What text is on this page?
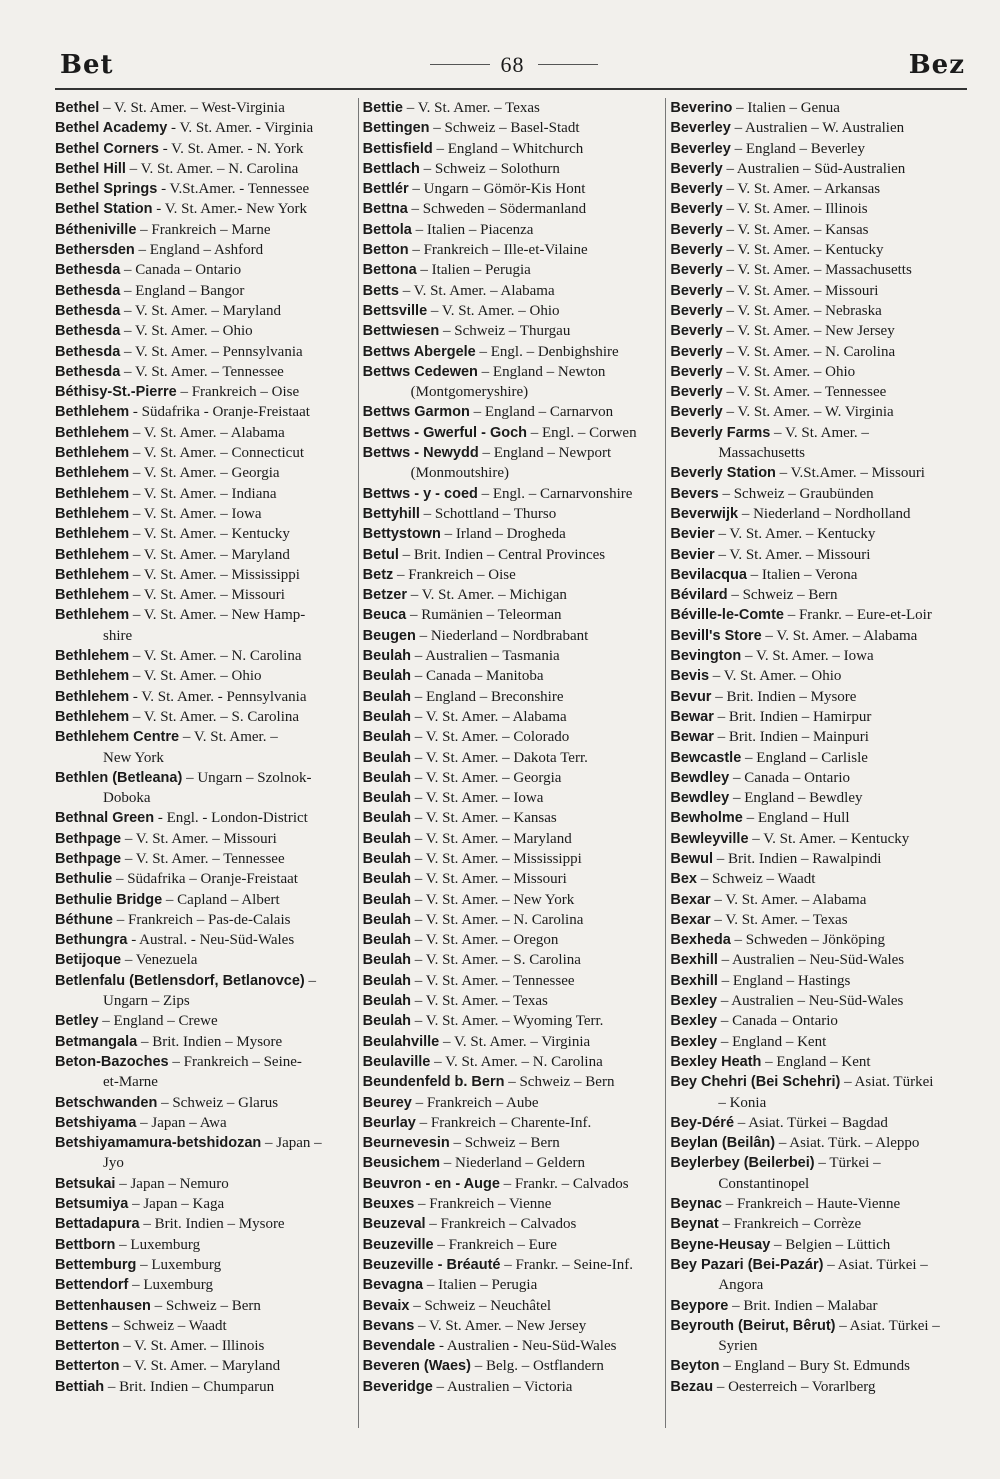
Bet	68	Bez
Bethel – V. St. Amer. – West-Virginia
Bethel Academy - V. St. Amer. - Virginia
Bethel Corners - V. St. Amer. - N. York
Bethel Hill – V. St. Amer. – N. Carolina
Bethel Springs - V.St.Amer. - Tennessee
Bethel Station - V. St. Amer.- New York
Bétheniville – Frankreich – Marne
Bethersden – England – Ashford
Bethesda – Canada – Ontario
Bethesda – England – Bangor
Bethesda – V. St. Amer. – Maryland
Bethesda – V. St. Amer. – Ohio
Bethesda – V. St. Amer. – Pennsylvania
Bethesda – V. St. Amer. – Tennessee
Béthisy-St.-Pierre – Frankreich – Oise
Bethlehem - Südafrika - Oranje-Freistaat
Bethlehem – V. St. Amer. – Alabama
Bethlehem – V. St. Amer. – Connecticut
Bethlehem – V. St. Amer. – Georgia
Bethlehem – V. St. Amer. – Indiana
Bethlehem – V. St. Amer. – Iowa
Bethlehem – V. St. Amer. – Kentucky
Bethlehem – V. St. Amer. – Maryland
Bethlehem – V. St. Amer. – Mississippi
Bethlehem – V. St. Amer. – Missouri
Bethlehem – V. St. Amer. – New Hamp-
shire
Bethlehem – V. St. Amer. – N. Carolina
Bethlehem – V. St. Amer. – Ohio
Bethlehem - V. St. Amer. - Pennsylvania
Bethlehem – V. St. Amer. – S. Carolina
Bethlehem Centre – V. St. Amer. –
New York
Bethlen (Betleana) – Ungarn – Szolnok-
Doboka
Bethnal Green - Engl. - London-District
Bethpage – V. St. Amer. – Missouri
Bethpage – V. St. Amer. – Tennessee
Bethulie – Südafrika – Oranje-Freistaat
Bethulie Bridge – Capland – Albert
Béthune – Frankreich – Pas-de-Calais
Bethungra - Austral. - Neu-Süd-Wales
Betijoque – Venezuela
Betlenfalu (Betlensdorf, Betlanovce) –
Ungarn – Zips
Betley – England – Crewe
Betmangala – Brit. Indien – Mysore
Beton-Bazoches – Frankreich – Seine-
et-Marne
Betschwanden – Schweiz – Glarus
Betshiyama – Japan – Awa
Betshiyamamura-betshidozan – Japan –
Jyo
Betsukai – Japan – Nemuro
Betsumiya – Japan – Kaga
Bettadapura – Brit. Indien – Mysore
Bettborn – Luxemburg
Bettemburg – Luxemburg
Bettendorf – Luxemburg
Bettenhausen – Schweiz – Bern
Bettens – Schweiz – Waadt
Betterton – V. St. Amer. – Illinois
Betterton – V. St. Amer. – Maryland
Bettiah – Brit. Indien – Chumparun
Bettie – V. St. Amer. – Texas
Bettingen – Schweiz – Basel-Stadt
Bettisfield – England – Whitchurch
Bettlach – Schweiz – Solothurn
Bettlér – Ungarn – Gömör-Kis Hont
Bettna – Schweden – Södermanland
Bettola – Italien – Piacenza
Betton – Frankreich – Ille-et-Vilaine
Bettona – Italien – Perugia
Betts – V. St. Amer. – Alabama
Bettsville – V. St. Amer. – Ohio
Bettwiesen – Schweiz – Thurgau
Bettws Abergele – Engl. – Denbighshire
Bettws Cedewen – England – Newton
(Montgomeryshire)
Bettws Garmon – England – Carnarvon
Bettws - Gwerful - Goch – Engl. – Corwen
Bettws - Newydd – England – Newport
(Monmoutshire)
Bettws - y - coed – Engl. – Carnarvonshire
Bettyhill – Schottland – Thurso
Bettystown – Irland – Drogheda
Betul – Brit. Indien – Central Provinces
Betz – Frankreich – Oise
Betzer – V. St. Amer. – Michigan
Beuca – Rumänien – Teleorman
Beugen – Niederland – Nordbrabant
Beulah – Australien – Tasmania
Beulah – Canada – Manitoba
Beulah – England – Breconshire
Beulah – V. St. Amer. – Alabama
Beulah – V. St. Amer. – Colorado
Beulah – V. St. Amer. – Dakota Terr.
Beulah – V. St. Amer. – Georgia
Beulah – V. St. Amer. – Iowa
Beulah – V. St. Amer. – Kansas
Beulah – V. St. Amer. – Maryland
Beulah – V. St. Amer. – Mississippi
Beulah – V. St. Amer. – Missouri
Beulah – V. St. Amer. – New York
Beulah – V. St. Amer. – N. Carolina
Beulah – V. St. Amer. – Oregon
Beulah – V. St. Amer. – S. Carolina
Beulah – V. St. Amer. – Tennessee
Beulah – V. St. Amer. – Texas
Beulah – V. St. Amer. – Wyoming Terr.
Beulahville – V. St. Amer. – Virginia
Beulaville – V. St. Amer. – N. Carolina
Beundenfeld b. Bern – Schweiz – Bern
Beurey – Frankreich – Aube
Beurlay – Frankreich – Charente-Inf.
Beurnevesin – Schweiz – Bern
Beusichem – Niederland – Geldern
Beuvron - en - Auge – Frankr. – Calvados
Beuxes – Frankreich – Vienne
Beuzeval – Frankreich – Calvados
Beuzeville – Frankreich – Eure
Beuzeville - Bréauté – Frankr. – Seine-Inf.
Bevagna – Italien – Perugia
Bevaix – Schweiz – Neuchâtel
Bevans – V. St. Amer. – New Jersey
Bevendale - Australien - Neu-Süd-Wales
Beveren (Waes) – Belg. – Ostflandern
Beveridge – Australien – Victoria
Beverino – Italien – Genua
Beverley – Australien – W. Australien
Beverley – England – Beverley
Beverly – Australien – Süd-Australien
Beverly – V. St. Amer. – Arkansas
Beverly – V. St. Amer. – Illinois
Beverly – V. St. Amer. – Kansas
Beverly – V. St. Amer. – Kentucky
Beverly – V. St. Amer. – Massachusetts
Beverly – V. St. Amer. – Missouri
Beverly – V. St. Amer. – Nebraska
Beverly – V. St. Amer. – New Jersey
Beverly – V. St. Amer. – N. Carolina
Beverly – V. St. Amer. – Ohio
Beverly – V. St. Amer. – Tennessee
Beverly – V. St. Amer. – W. Virginia
Beverly Farms – V. St. Amer. –
Massachusetts
Beverly Station – V.St.Amer. – Missouri
Bevers – Schweiz – Graubünden
Beverwijk – Niederland – Nordholland
Bevier – V. St. Amer. – Kentucky
Bevier – V. St. Amer. – Missouri
Bevilacqua – Italien – Verona
Bévilard – Schweiz – Bern
Béville-le-Comte – Frankr. – Eure-et-Loir
Bevill's Store – V. St. Amer. – Alabama
Bevington – V. St. Amer. – Iowa
Bevis – V. St. Amer. – Ohio
Bevur – Brit. Indien – Mysore
Bewar – Brit. Indien – Hamirpur
Bewar – Brit. Indien – Mainpuri
Bewcastle – England – Carlisle
Bewdley – Canada – Ontario
Bewdley – England – Bewdley
Bewholme – England – Hull
Bewleyville – V. St. Amer. – Kentucky
Bewul – Brit. Indien – Rawalpindi
Bex – Schweiz – Waadt
Bexar – V. St. Amer. – Alabama
Bexar – V. St. Amer. – Texas
Bexheda – Schweden – Jönköping
Bexhill – Australien – Neu-Süd-Wales
Bexhill – England – Hastings
Bexley – Australien – Neu-Süd-Wales
Bexley – Canada – Ontario
Bexley – England – Kent
Bexley Heath – England – Kent
Bey Chehri (Bei Schehri) – Asiat. Türkei
– Konia
Bey-Déré – Asiat. Türkei – Bagdad
Beylan (Beilân) – Asiat. Türk. – Aleppo
Beylerbey (Beilerbei) – Türkei –
Constantinopel
Beynac – Frankreich – Haute-Vienne
Beynat – Frankreich – Corrèze
Beyne-Heusay – Belgien – Lüttich
Bey Pazari (Bei-Pazár) – Asiat. Türkei –
Angora
Beypore – Brit. Indien – Malabar
Beyrouth (Beirut, Bêrut) – Asiat. Türkei –
Syrien
Beyton – England – Bury St. Edmunds
Bezau – Oesterreich – Vorarlberg
